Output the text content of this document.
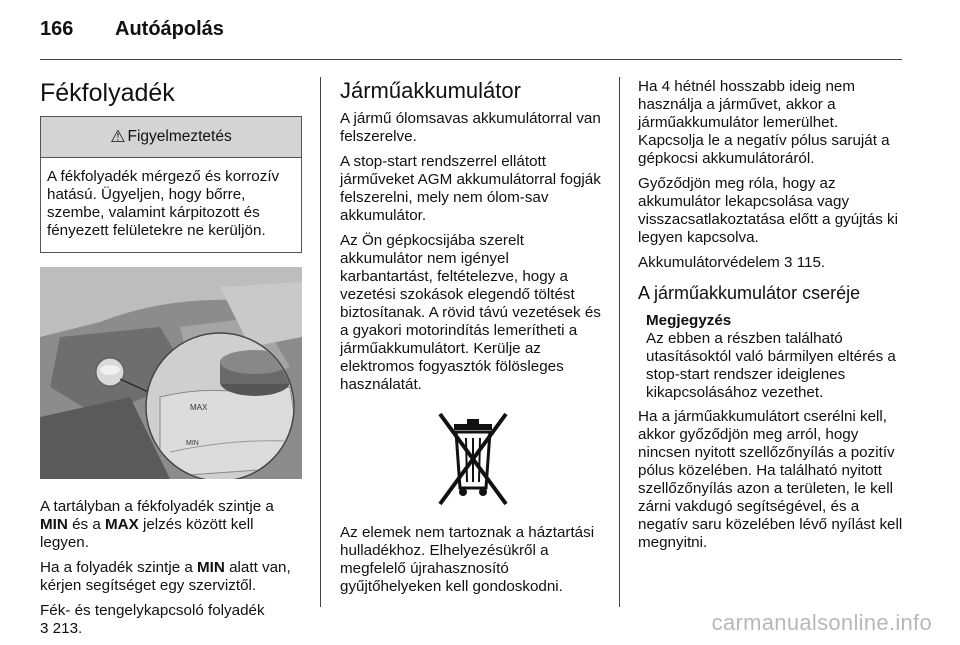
166 Autóápolás
Fékfolyadék
⚠ Figyelmeztetés
A fékfolyadék mérgező és korrozív hatású. Ügyeljen, hogy bőrre, szembe, valamint kárpitozott és fényezett felületekre ne kerüljön.
MAX
MIN

A tartályban a fékfolyadék szintje a MIN és a MAX jelzés között kell legyen.

Ha a folyadék szintje a MIN alatt van, kérjen segítséget egy szerviztől.

Fék- és tengelykapcsoló folyadék
3 213.

Járműakkumulátor

A jármű ólomsavas akkumulátorral van felszerelve.

A stop-start rendszerrel ellátott járműveket AGM akkumulátorral fogják felszerelni, mely nem ólom-sav akkumulátor.

Az Ön gépkocsijába szerelt akkumulátor nem igényel karbantartást, feltételezve, hogy a vezetési szokások elegendő töltést biztosítanak. A rövid távú vezetések és a gyakori motorindítás lemerítheti a járműakkumulátort. Kerülje az elektromos fogyasztók fölösleges használatát.

Az elemek nem tartoznak a háztartási hulladékhoz. Elhelyezésükről a megfelelő újrahasznosító gyűjtőhelyeken kell gondoskodni.

Ha 4 hétnél hosszabb ideig nem használja a járművet, akkor a járműakkumulátor lemerülhet. Kapcsolja le a negatív pólus saruját a gépkocsi akkumulátoráról.

Győződjön meg róla, hogy az akkumulátor lekapcsolása vagy visszacsatlakoztatása előtt a gyújtás ki legyen kapcsolva.

Akkumulátorvédelem 3 115.

A járműakkumulátor cseréje
Megjegyzés
Az ebben a részben található utasításoktól való bármilyen eltérés a stop-start rendszer ideiglenes kikapcsolásához vezethet.

Ha a járműakkumulátort cserélni kell, akkor győződjön meg arról, hogy nincsen nyitott szellőzőnyílás a pozitív pólus közelében. Ha található nyitott szellőzőnyílás azon a területen, le kell zárni vakdugó segítségével, és a negatív saru közelében lévő nyílást kell megnyitni.

carmanualsonline.info
